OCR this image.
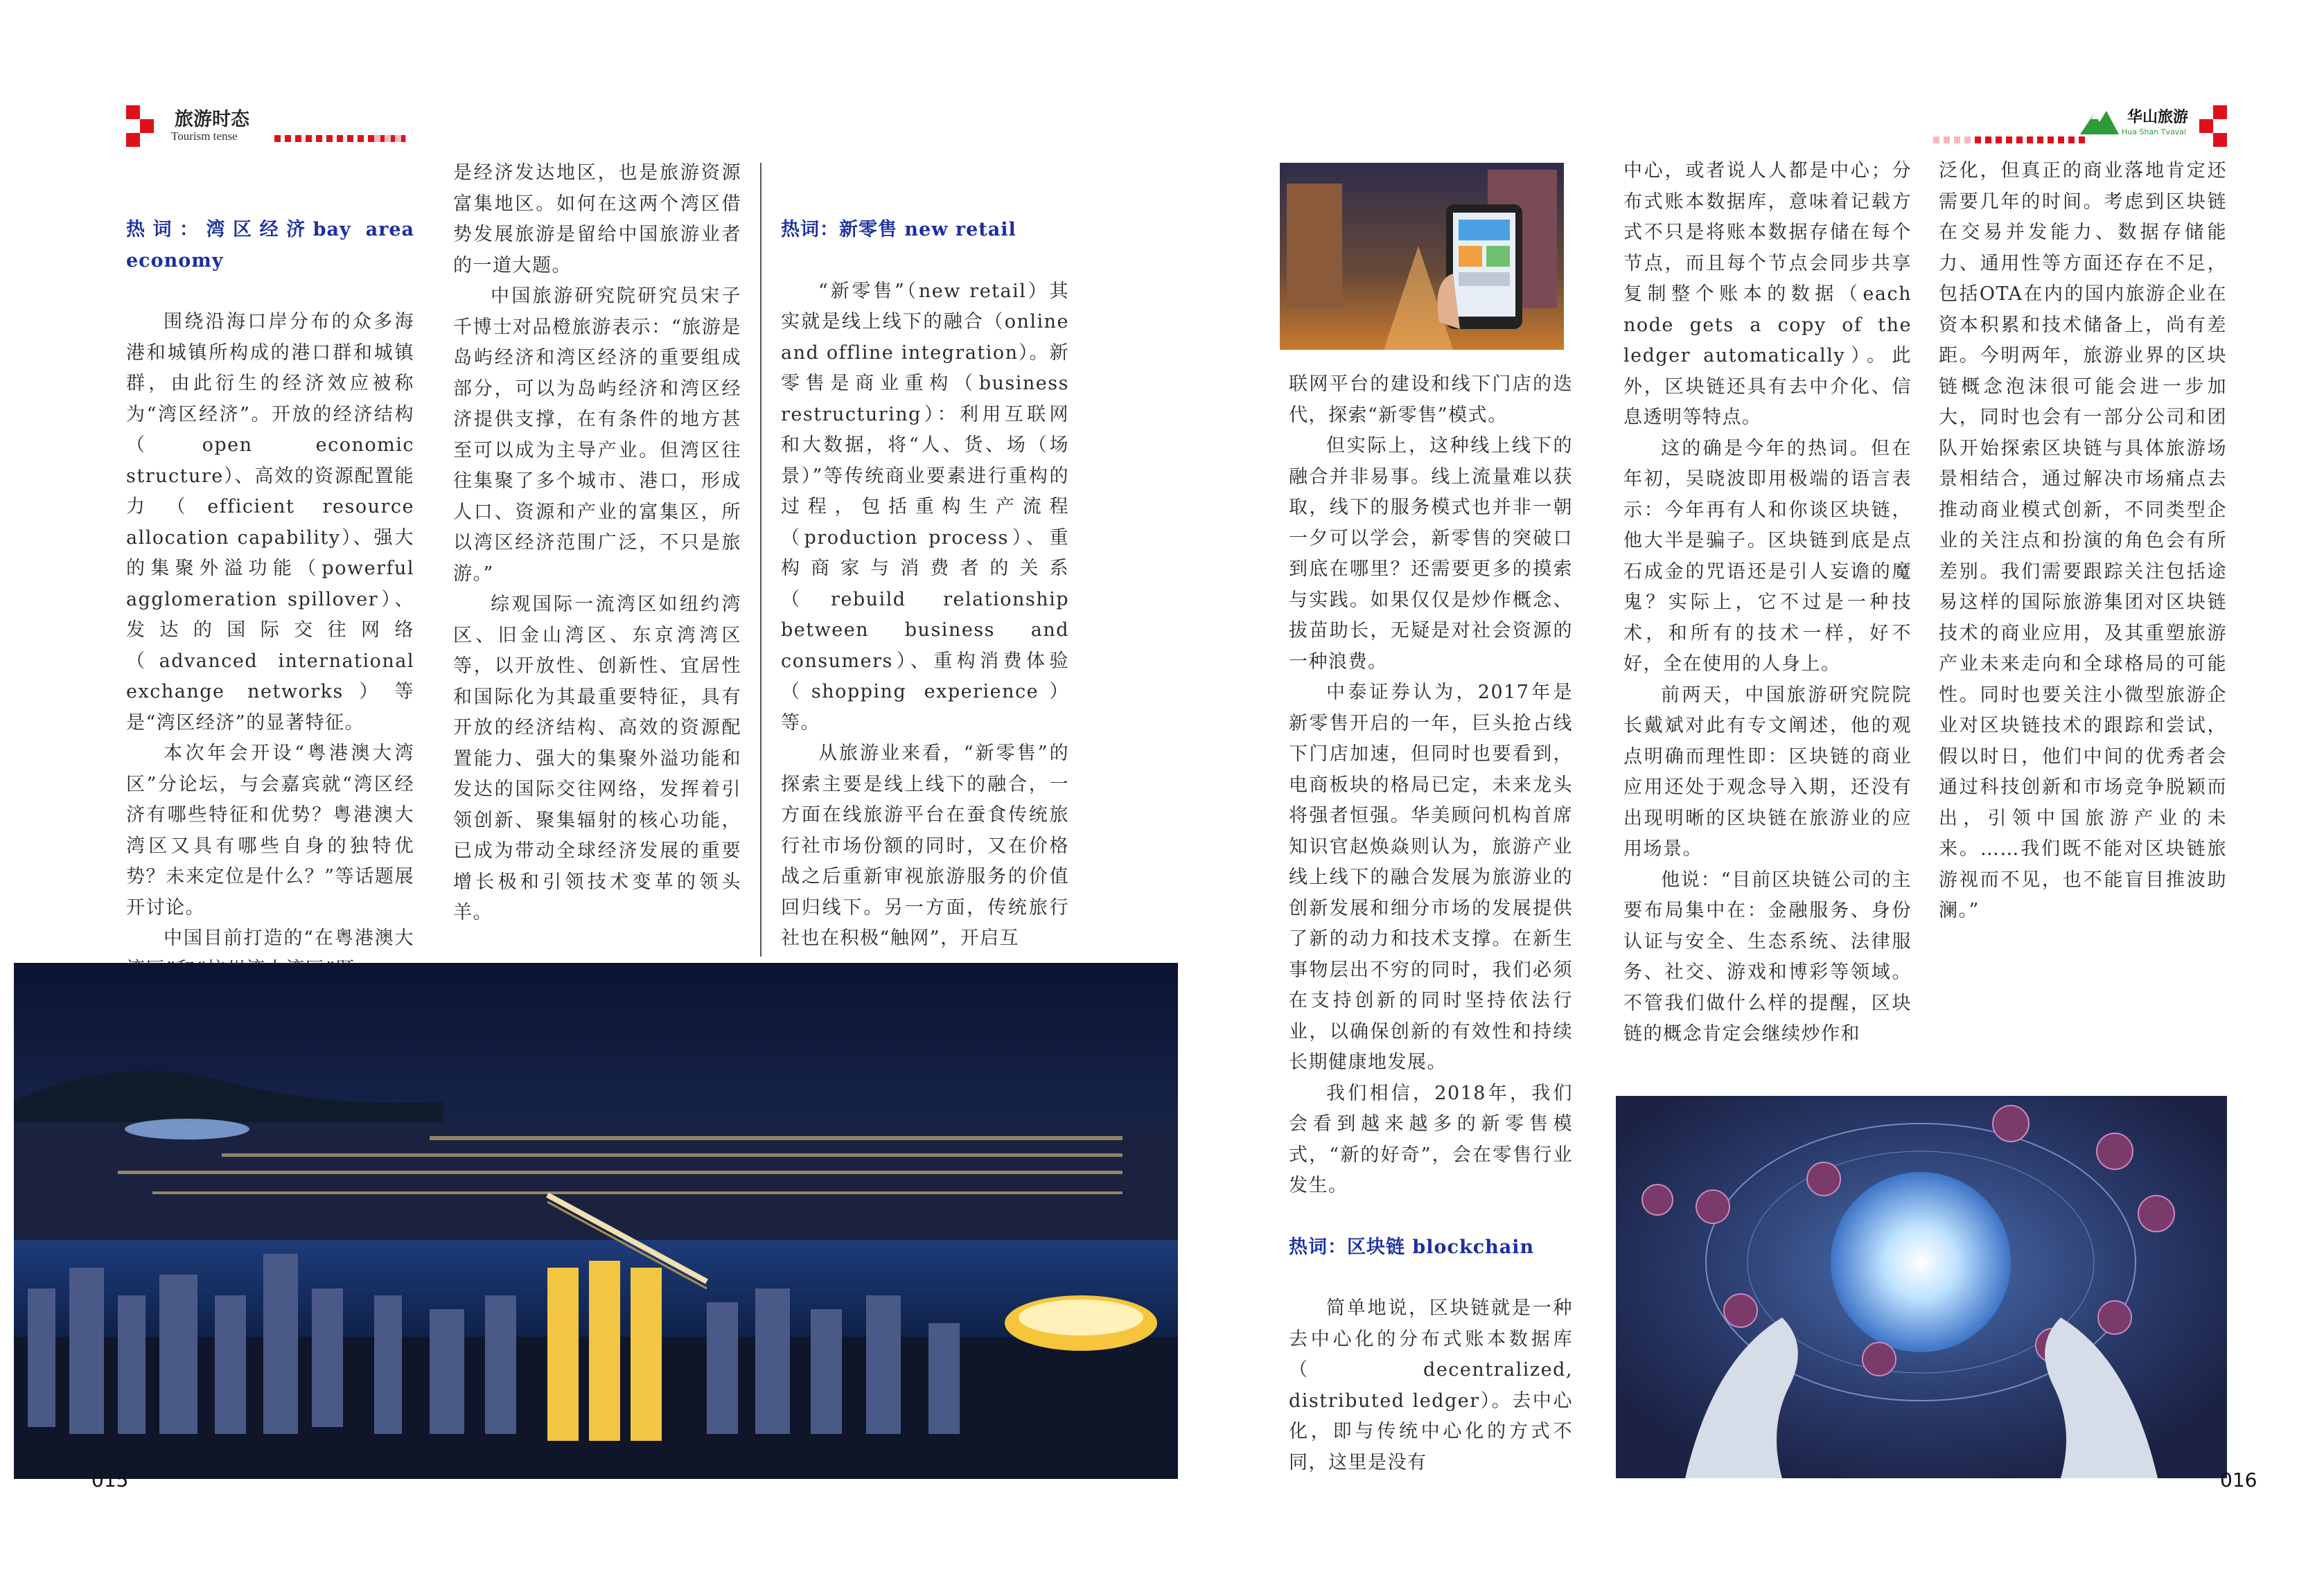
旅游时态
Tourism tense
华山旅游
Hua Shan Tvaval
热词：湾区经济bay area economy

围绕沿海口岸分布的众多海港和城镇所构成的港口群和城镇群，由此衍生的经济效应被称为“湾区经济”。开放的经济结构（open economic structure）、高效的资源配置能力（efficient resource allocation capability）、强大的集聚外溢功能（powerful agglomeration spillover）、发达的国际交往网络（advanced international exchange networks）等是“湾区经济”的显著特征。

本次年会开设“粤港澳大湾区”分论坛，与会嘉宾就“湾区经济有哪些特征和优势？粤港澳大湾区又具有哪些自身的独特优势？未来定位是什么？”等话题展开讨论。

中国目前打造的“在粤港澳大

是经济发达地区，也是旅游资源富集地区。如何在这两个湾区借势发展旅游是留给中国旅游业者的一道大题。

中国旅游研究院研究员宋子千博士对品橙旅游表示：“旅游是岛屿经济和湾区经济的重要组成部分，可以为岛屿经济和湾区经济提供支撑，在有条件的地方甚至可以成为主导产业。但湾区往往集聚了多个城市、港口，形成人口、资源和产业的富集区，所以湾区经济范围广泛，不只是旅游。”

综观国际一流湾区如纽约湾区、旧金山湾区、东京湾湾区等，以开放性、创新性、宜居性和国际化为其最重要特征，具有开放的经济结构、高效的资源配置能力、强大的集聚外溢功能和发达的国际交往网络，发挥着引领创新、聚集辐射的核心功能，已成为带动全球经济发展的重要增长极和引领技术变革的领头羊。

热词：新零售 new retail

“新零售”（new retail）其实就是线上线下的融合（online and offline integration）。新零售是商业重构（business restructuring）：利用互联网和大数据，将“人、货、场（场景）”等传统商业要素进行重构的过程，包括重构生产流程（production process）、重构商家与消费者的关系（rebuild relationship between business and consumers）、重构消费体验（shopping experience）等。

从旅游业来看，“新零售”的探索主要是线上线下的融合，一方面在线旅游平台在蚕食传统旅行社市场份额的同时，又在价格战之后重新审视旅游服务的价值回归线下。另一方面，传统旅行社也在积极“触网”，开启互

015

联网平台的建设和线下门店的迭代，探索“新零售”模式。

但实际上，这种线上线下的融合并非易事。线上流量难以获取，线下的服务模式也并非一朝一夕可以学会，新零售的突破口到底在哪里？还需要更多的摸索与实践。如果仅仅是炒作概念、拔苗助长，无疑是对社会资源的一种浪费。

中泰证券认为，2017年是新零售开启的一年，巨头抢占线下门店加速，但同时也要看到，电商板块的格局已定，未来龙头将强者恒强。华美顾问机构首席知识官赵焕焱则认为，旅游产业线上线下的融合发展为旅游业的创新发展和细分市场的发展提供了新的动力和技术支撑。在新生事物层出不穷的同时，我们必须在支持创新的同时坚持依法行业，以确保创新的有效性和持续长期健康地发展。

我们相信，2018年，我们会看到越来越多的新零售模式，“新的好奇”，会在零售行业发生。

热词：区块链 blockchain

简单地说，区块链就是一种去中心化的分布式账本数据库（decentralized, distributed ledger）。去中心化，即与传统中心化的方式不同，这里是没有

中心，或者说人人都是中心；分布式账本数据库，意味着记载方式不只是将账本数据存储在每个节点，而且每个节点会同步共享复制整个账本的数据（each node gets a copy of the ledger automatically）。此外，区块链还具有去中介化、信息透明等特点。

这的确是今年的热词。但在年初，吴晓波即用极端的语言表示：今年再有人和你谈区块链，他大半是骗子。区块链到底是点石成金的咒语还是引人妄谵的魔鬼？实际上，它不过是一种技术，和所有的技术一样，好不好，全在使用的人身上。

前两天，中国旅游研究院院长戴斌对此有专文阐述，他的观点明确而理性即：区块链的商业应用还处于观念导入期，还没有出现明晰的区块链在旅游业的应用场景。

他说：“目前区块链公司的主要布局集中在：金融服务、身份认证与安全、生态系统、法律服务、社交、游戏和博彩等领域。不管我们做什么样的提醒，区块链的概念肯定会继续炒作和

泛化，但真正的商业落地肯定还需要几年的时间。考虑到区块链在交易并发能力、数据存储能力、通用性等方面还存在不足，包括OTA在内的国内旅游企业在资本积累和技术储备上，尚有差距。今明两年，旅游业界的区块链概念泡沫很可能会进一步加大，同时也会有一部分公司和团队开始探索区块链与具体旅游场景相结合，通过解决市场痛点去推动商业模式创新，不同类型企业的关注点和扮演的角色会有所差别。我们需要跟踪关注包括途易这样的国际旅游集团对区块链技术的商业应用，及其重塑旅游产业未来走向和全球格局的可能性。同时也要关注小微型旅游企业对区块链技术的跟踪和尝试，假以时日，他们中间的优秀者会通过科技创新和市场竞争脱颖而出，引领中国旅游产业的未来。……我们既不能对区块链旅游视而不见，也不能盲目推波助澜。”

016
